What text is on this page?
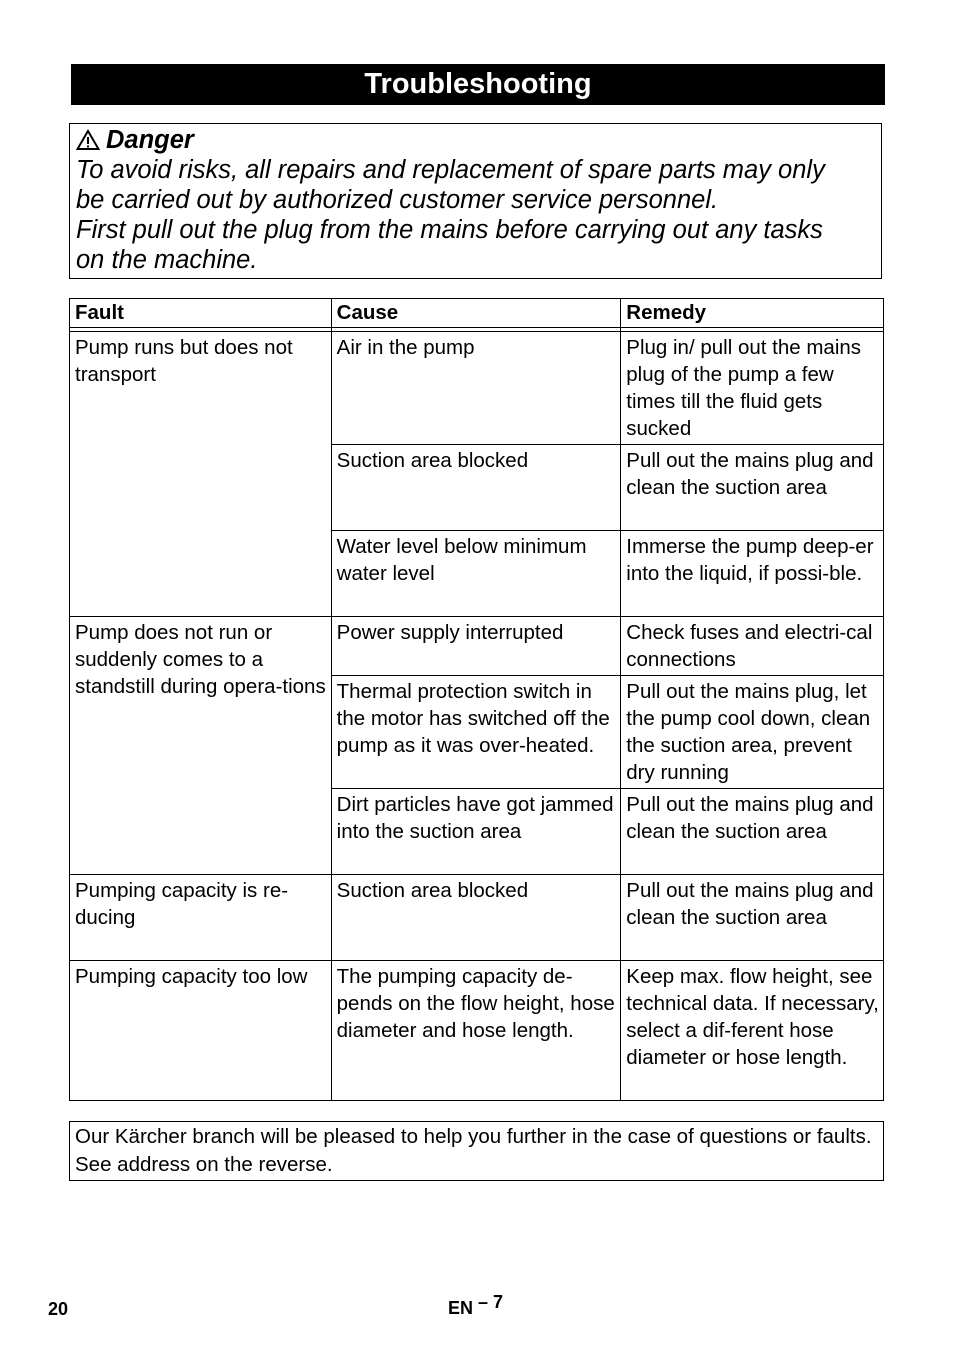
Troubleshooting
Danger
To avoid risks, all repairs and replacement of spare parts may only
be carried out by authorized customer service personnel.
First pull out the plug from the mains before carrying out any tasks
on the machine.
Fault	Cause	Remedy

Pump runs but does not transport	Air in the pump	Plug in/ pull out the mains plug of the pump a few times till the fluid gets sucked
	Suction area blocked	Pull out the mains plug and clean the suction area
	Water level below minimum water level	Immerse the pump deep-er into the liquid, if possi-ble.
Pump does not run or suddenly comes to a standstill during opera-tions	Power supply interrupted	Check fuses and electri-cal connections
	Thermal protection switch in the motor has switched off the pump as it was over-heated.	Pull out the mains plug, let the pump cool down, clean the suction area, prevent dry running
	Dirt particles have got jammed into the suction area	Pull out the mains plug and clean the suction area
Pumping capacity is re-ducing	Suction area blocked	Pull out the mains plug and clean the suction area
Pumping capacity too low	The pumping capacity de-pends on the flow height, hose diameter and hose length.	Keep max. flow height, see technical data. If necessary, select a dif-ferent hose diameter or hose length.
Our Kärcher branch will be pleased to help you further in the case of questions or faults. See address on the reverse.
20	EN – 7
